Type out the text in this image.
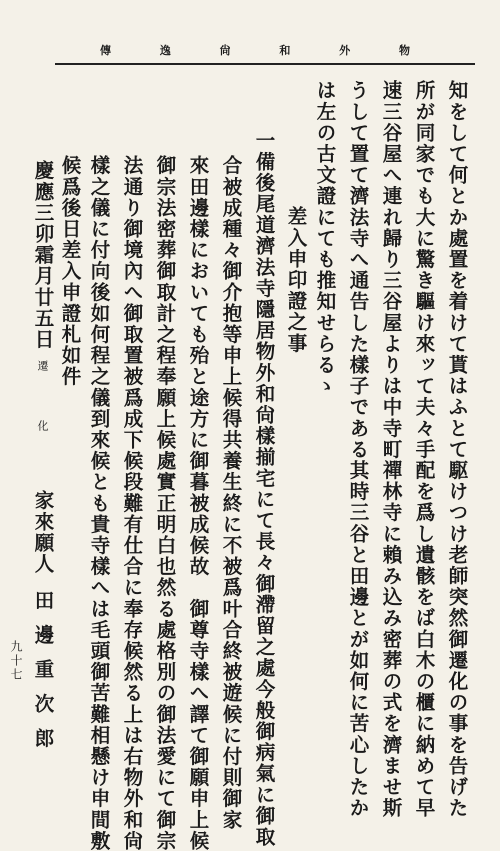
傳	逸	尙	和	外	物
知をして何とか處置を着けて貰はふとて駆けつけ老師突然御遷化の事を告げた
所が同家でも大に驚き驅け來ッて夫々手配を爲し遺骸をば白木の櫃に納めて早
速三谷屋へ連れ歸り三谷屋よりは中寺町禪林寺に賴み込み密葬の式を濟ませ斯
うして置て濟法寺へ通告した樣子である其時三谷と田邊とが如何に苦心したか
は左の古文證にても推知せらるゝ
差入申印證之事
一備後尾道濟法寺隱居物外和尙樣揃宅にて長々御滯留之處今般御病氣に御取
合被成種々御介抱等申上候得共養生終に不被爲叶合終被遊候に付則御家
來田邊樣においても殆と途方に御暮被成候故　御尊寺樣へ譯て御願申上候
御宗法密葬御取計之程奉願上候處實正明白也然る處格別の御法愛にて御宗
法通り御境內へ御取置被爲成下候段難有仕合に奉存候然る上は右物外和尙
樣之儀に付向後如何程之儀到來候とも貴寺樣へは毛頭御苦難相懸け申間敷
候爲後日差入申證札如件
慶應三卯霜月廿五日
家來願人
田邊重次郎
遷
化
九十七
